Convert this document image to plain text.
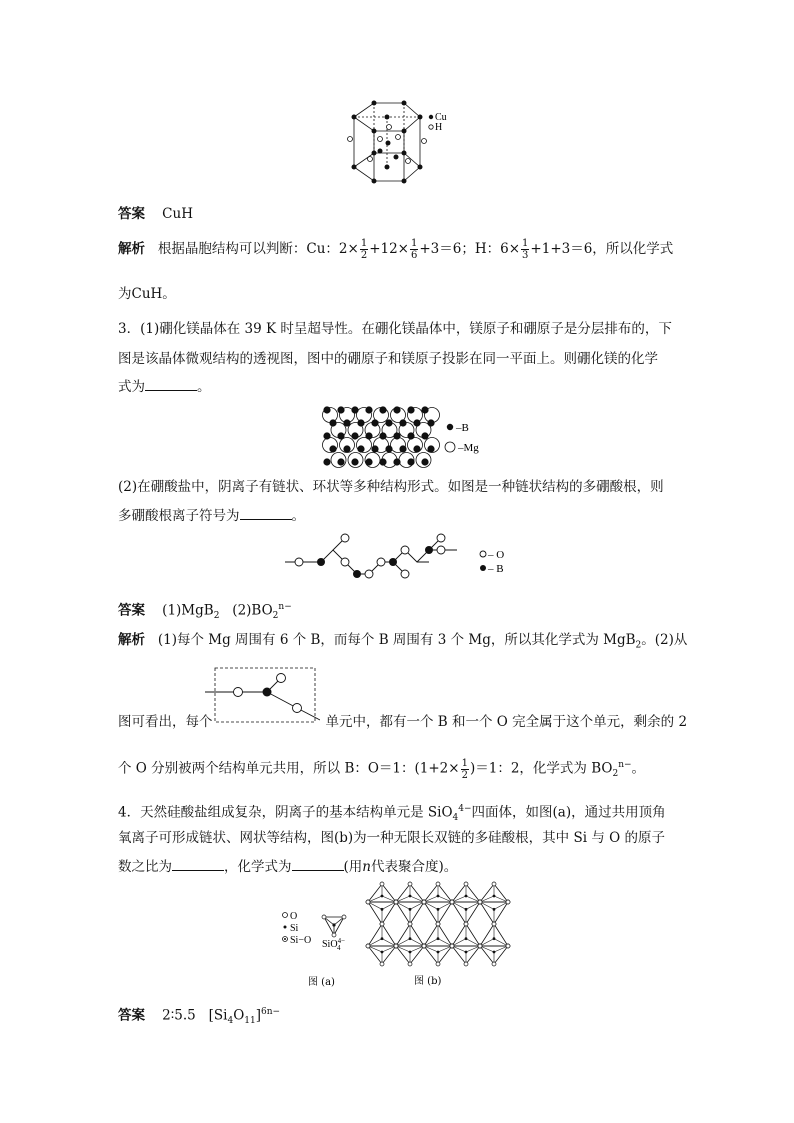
Cu
H
答案 CuH
解析 根据晶胞结构可以判断：Cu：$2\times \frac{1}{2} +12\times \frac{1}{6} +3=6$；H：$6\times \frac{1}{3} +1+3=6$，所以化学式
为CuH。
3．(1)硼化镁晶体在 39 K 时呈超导性。在硼化镁晶体中，镁原子和硼原子是分层排布的，下
图是该晶体微观结构的透视图，图中的硼原子和镁原子投影在同一平面上。则硼化镁的化学
式为	。
–B
–Mg
(2)在硼酸盐中，阴离子有链状、环状等多种结构形式。如图是一种链状结构的多硼酸根，则
多硼酸根离子符号为	。
– O
– B
答案 (1)MgB$_2$ $(2)BO_2^{n-}$
解析 (1)每个 Mg 周围有 6 个 B，而每个 B 周围有 3 个 Mg，所以其化学式为 MgB$_2$。(2)从
图可看出，每个	单元中，都有一个 B 和一个 O 完全属于这个单元，剩余的 2
个 O 分别被两个结构单元共用，所以 B：O＝1：$(1+2\times \frac{1}{2} )=1$：2，化学式为 $BO_2^{n-}$。
4．天然硅酸盐组成复杂，阴离子的基本结构单元是 SiO$_4^{4-}$四面体，如图(a)，通过共用顶角
氧离子可形成链状、网状等结构，图(b)为一种无限长双链的多硅酸根，其中 Si 与 O 的原子
数之比为	，化学式为	(用n代表聚合度)。
O
Si
Si−O SiO$^{4-}$ 4
图 (a)	图 (b)
答案 2∶5.5 $[Si_4O_{11}]^{6n-}$
